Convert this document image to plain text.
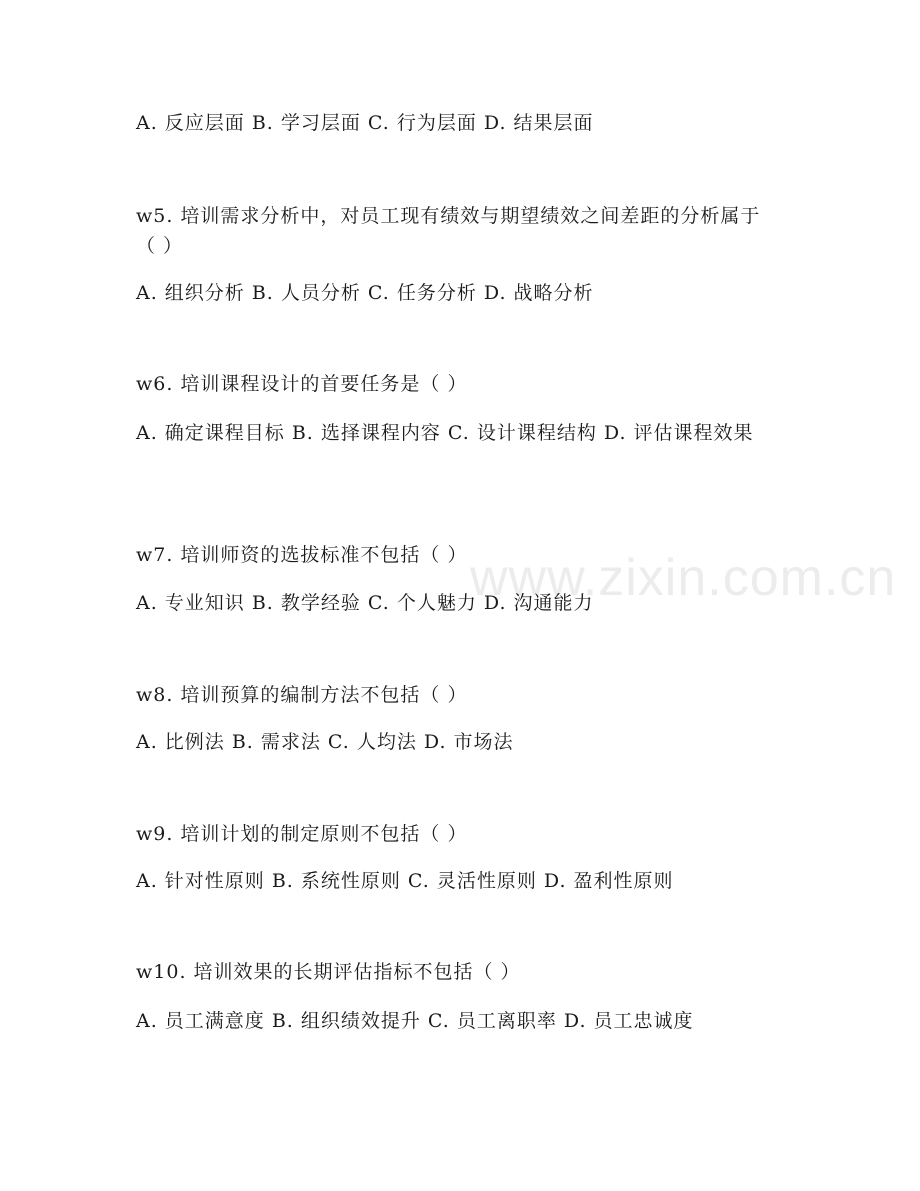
www.zixin.com.cn
A. 反应层面 B. 学习层面 C. 行为层面 D. 结果层面
w5. 培训需求分析中，对员工现有绩效与期望绩效之间差距的分析属于（ ）
A. 组织分析 B. 人员分析 C. 任务分析 D. 战略分析
w6. 培训课程设计的首要任务是（ ）
A. 确定课程目标 B. 选择课程内容 C. 设计课程结构 D. 评估课程效果
w7. 培训师资的选拔标准不包括（ ）
A. 专业知识 B. 教学经验 C. 个人魅力 D. 沟通能力
w8. 培训预算的编制方法不包括（ ）
A. 比例法 B. 需求法 C. 人均法 D. 市场法
w9. 培训计划的制定原则不包括（ ）
A. 针对性原则 B. 系统性原则 C. 灵活性原则 D. 盈利性原则
w10. 培训效果的长期评估指标不包括（ ）
A. 员工满意度 B. 组织绩效提升 C. 员工离职率 D. 员工忠诚度
